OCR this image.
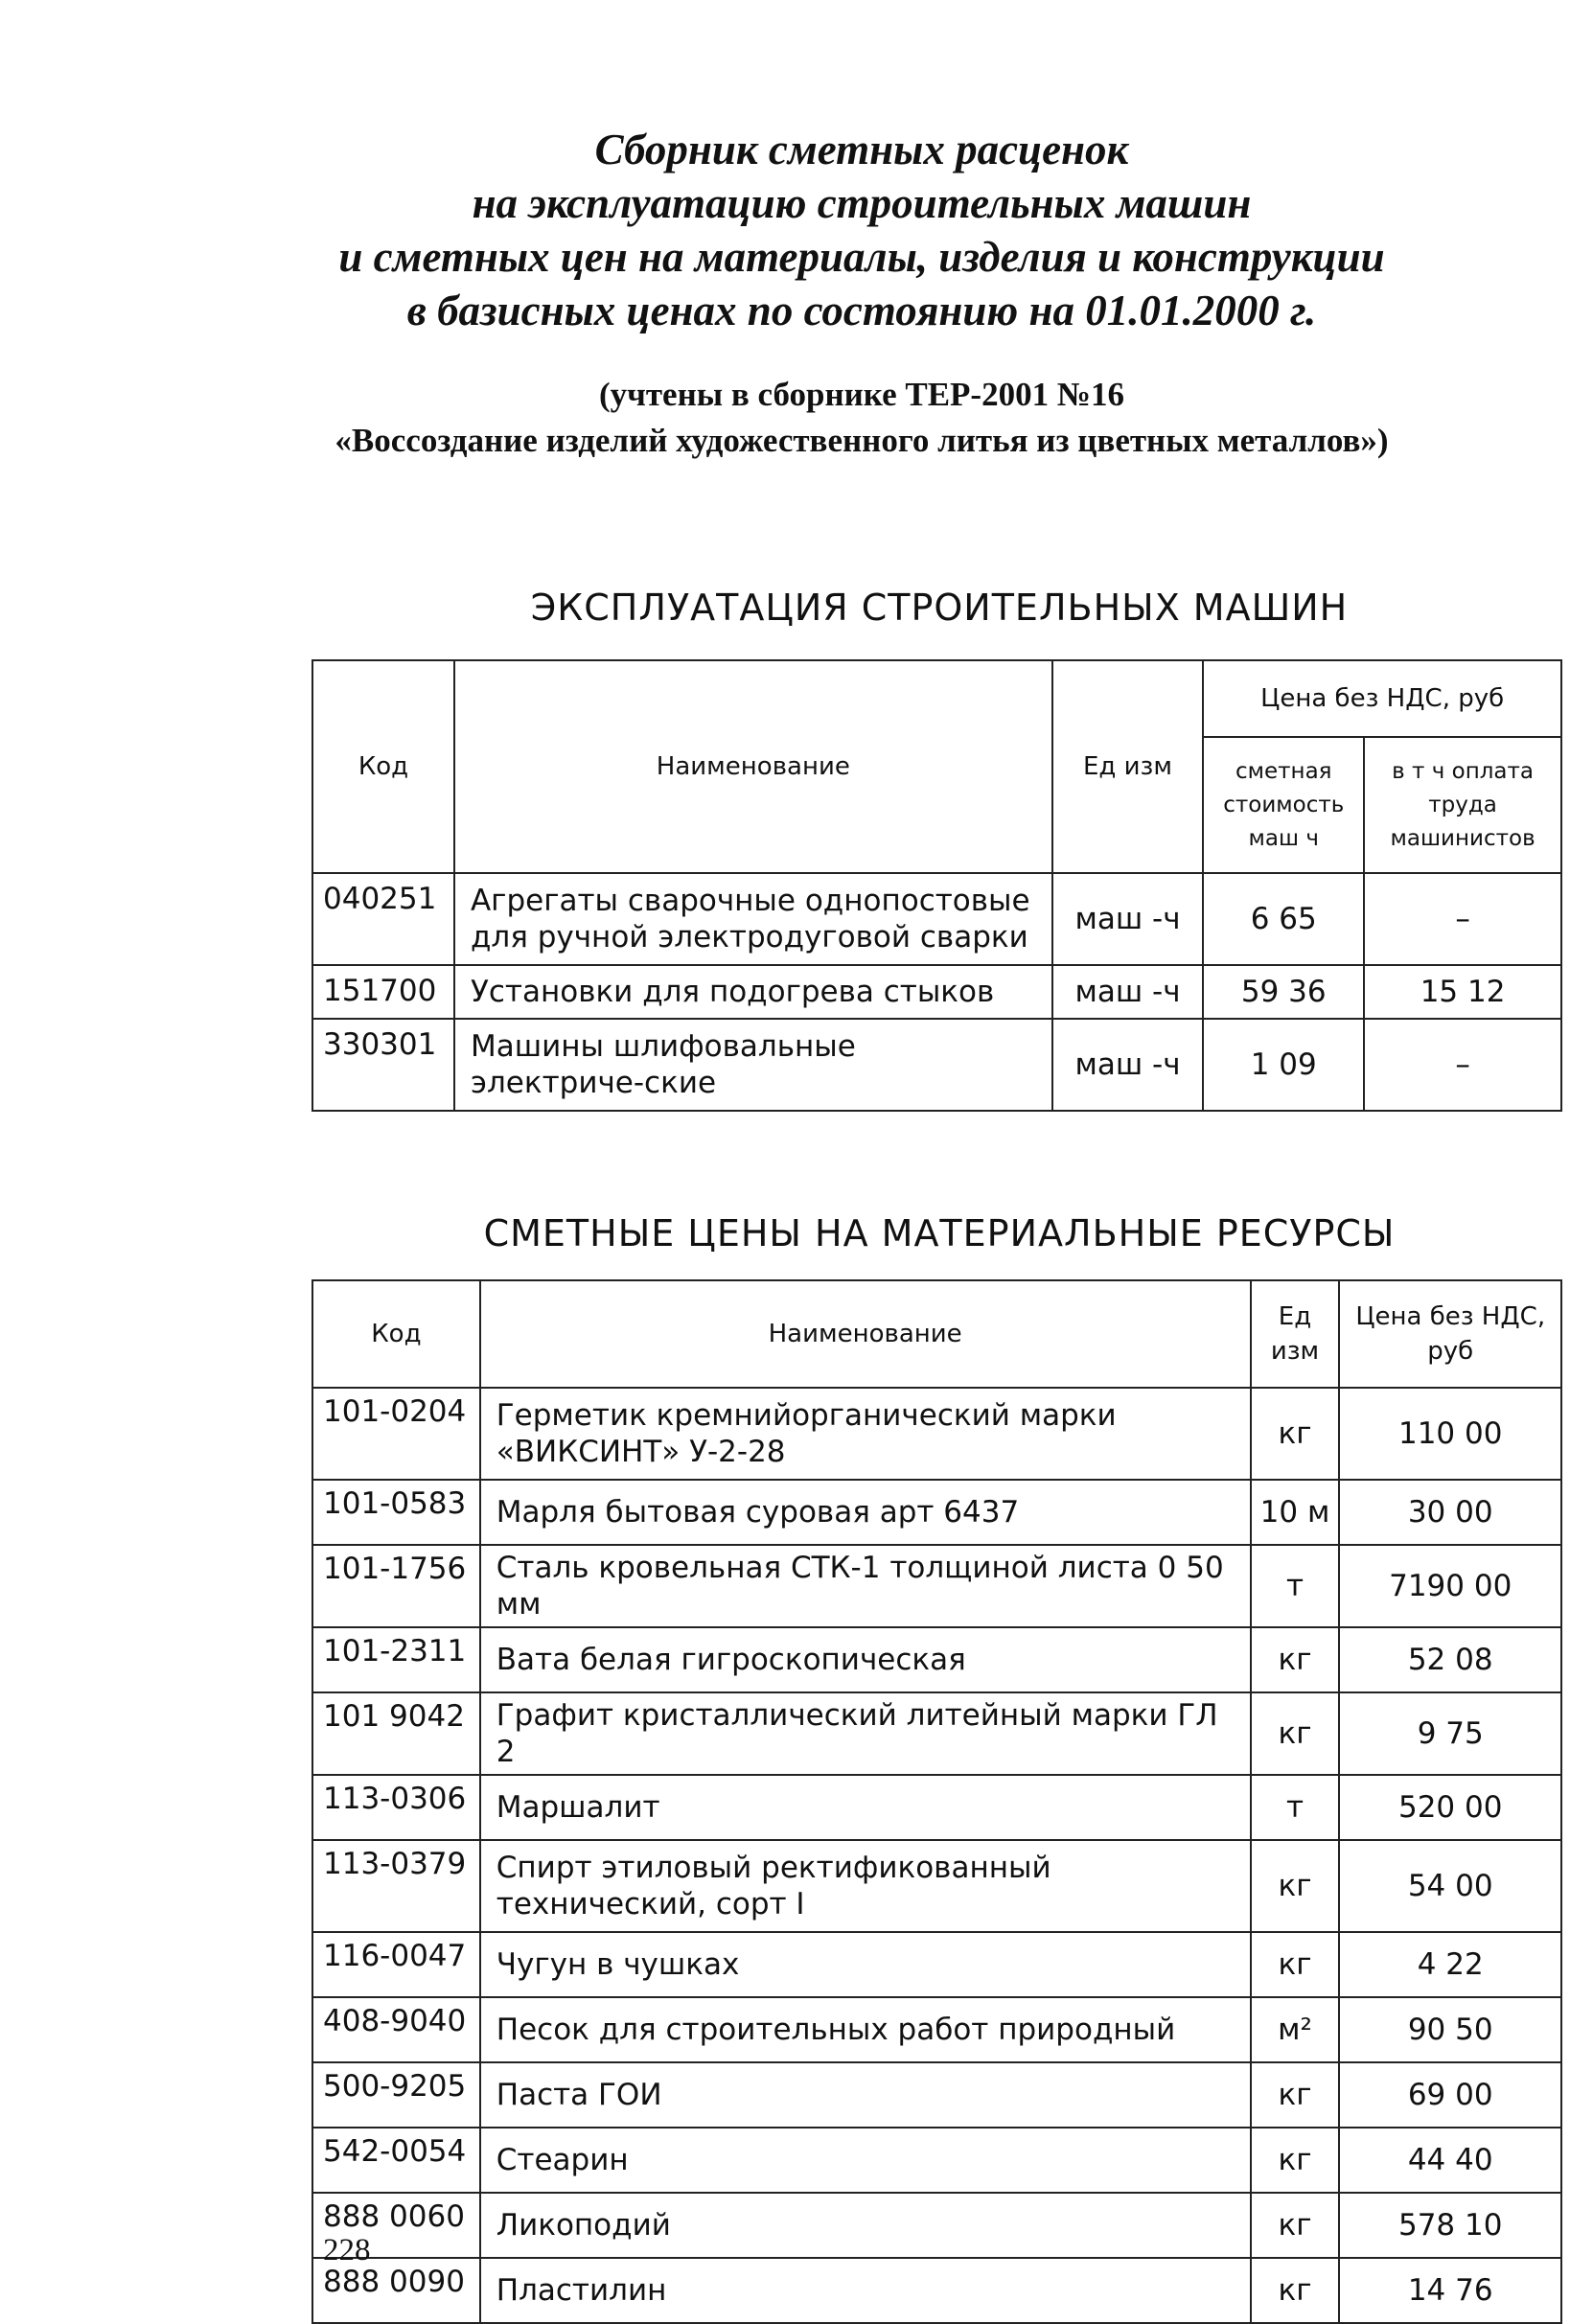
Сборник сметных расценок
на эксплуатацию строительных машин
и сметных цен на материалы, изделия и конструкции
в базисных ценах по состоянию на 01.01.2000 г.
(учтены в сборнике ТЕР-2001 №16
«Воссоздание изделий художественного литья из цветных металлов»)
ЭКСПЛУАТАЦИЯ СТРОИТЕЛЬНЫХ МАШИН
Код	Наименование	Ед изм	Цена без НДС, руб	
			сметная стоимость маш ч	в т ч оплата труда машинистов
040251	Агрегаты сварочные однопостовые для ручной электродуговой сварки	маш -ч	6 65	–
151700	Установки для подогрева стыков	маш -ч	59 36	15 12
330301	Машины шлифовальные электриче-ские	маш -ч	1 09	–
СМЕТНЫЕ ЦЕНЫ НА МАТЕРИАЛЬНЫЕ РЕСУРСЫ
Код	Наименование	Ед изм	Цена без НДС, руб
101-0204	Герметик кремнийорганический марки «ВИКСИНТ» У-2-28	кг	110 00
101-0583	Марля бытовая суровая арт 6437	10 м	30 00
101-1756	Сталь кровельная СТК-1 толщиной листа 0 50 мм	т	7190 00
101-2311	Вата белая гигроскопическая	кг	52 08
101 9042	Графит кристаллический литейный марки ГЛ 2	кг	9 75
113-0306	Маршалит	т	520 00
113-0379	Спирт этиловый ректификованный технический, сорт I	кг	54 00
116-0047	Чугун в чушках	кг	4 22
408-9040	Песок для строительных работ природный	м²	90 50
500-9205	Паста ГОИ	кг	69 00
542-0054	Стеарин	кг	44 40
888 0060	Ликоподий	кг	578 10
888 0090	Пластилин	кг	14 76
228
